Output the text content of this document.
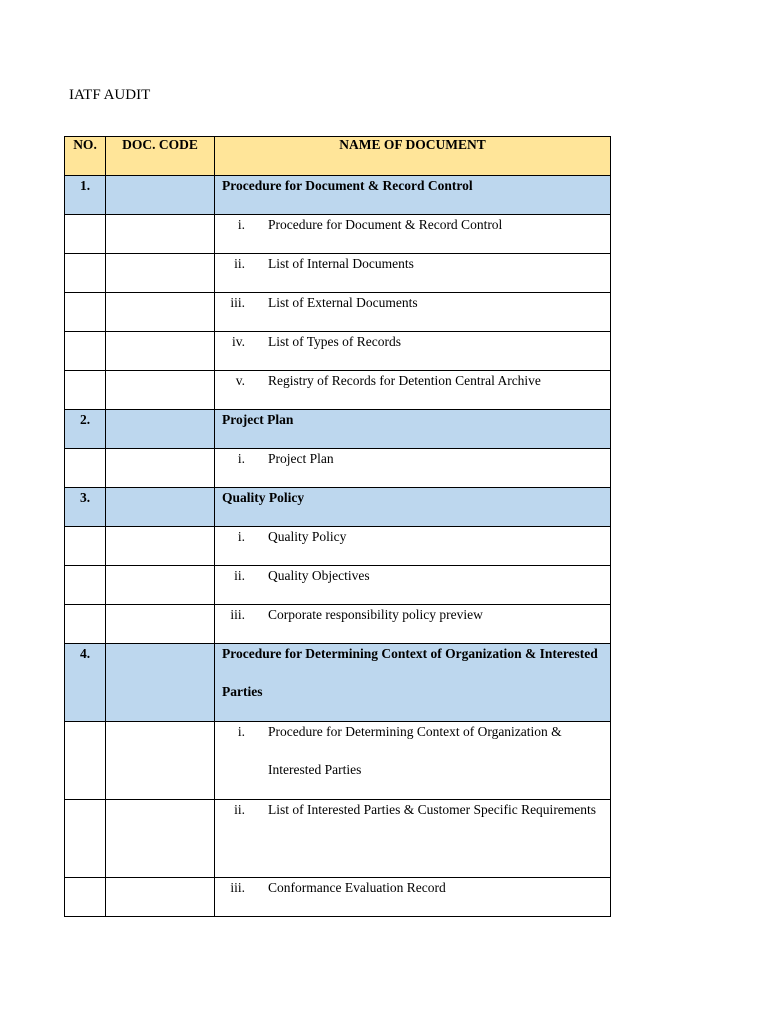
IATF AUDIT
NO.	DOC. CODE	NAME OF DOCUMENT

1.		Procedure for Document & Record Control

		i. Procedure for Document & Record Control

		ii. List of Internal Documents

		iii. List of External Documents

		iv. List of Types of Records

		v. Registry of Records for Detention Central Archive

2.		Project Plan

		i. Project Plan

3.		Quality Policy

		i. Quality Policy

		ii. Quality Objectives

		iii. Corporate responsibility policy preview

4.		Procedure for Determining Context of Organization & Interested Parties

		i. Procedure for Determining Context of Organization & Interested Parties

		ii. List of Interested Parties & Customer Specific Requirements

		iii. Conformance Evaluation Record
